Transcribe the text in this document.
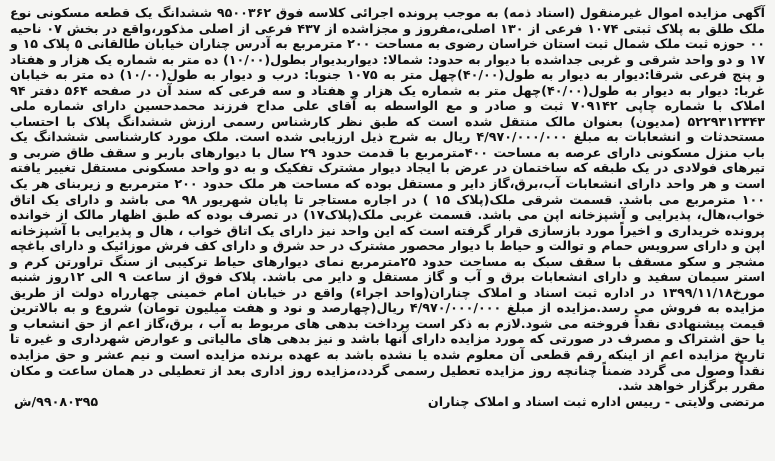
آگهی مزایده اموال غیرمنقول (اسناد ذمه) به موجب پرونده اجرائی کلاسه فوق ۹۵۰۰۳۶۲ ششدانگ یک قطعه مسکونی نوع ملک طلق به پلاک ثبتی ۱۰۷۴ فرعی از ۱۳۰ اصلی،مفروز و مجزاشده از ۴۳۷ فرعی از اصلی مذکور،واقع در بخش ۰۷ ناحیه ۰۰ حوزه ثبت ملک شمال ثبت استان خراسان رضوی به مساحت ۲۰۰ مترمربع به آدرس چناران خیابان طالقانی ۵ پلاک ۱۵ و ۱۷ و دو واحد شرقی و غربی جداشده با دیوار به حدود: شمالا: دیواربدیوار بطول(۱۰/۰۰) ده متر به شماره یک هزار و هفتاد و پنج فرعی شرقا:دیوار به دیوار به طول(۴۰/۰۰)چهل متر به ۱۰۷۵ جنوبا: درب و دیوار به طول(۱۰/۰۰) ده متر به خیابان غربا: دیوار به دیوار به طول(۴۰/۰۰)چهل متر به شماره یک هزار و هفتاد و سه فرعی که سند آن در صفحه ۵۶۴ دفتر ۹۴ املاک با شماره چاپی ۷۰۹۱۴۲ ثبت و صادر و مع الواسطه به آقای علی مداح فرزند محمدحسین دارای شماره ملی ۵۲۲۹۳۱۲۳۴۳ (مدیون) بعنوان مالک منتقل شده است که طبق نظر کارشناس رسمی ارزش ششدانگ پلاک با احتساب مستحدثات و انشعابات به مبلغ ۴/۹۷۰/۰۰۰/۰۰۰ ریال به شرح ذیل ارزیابی شده است. ملک مورد کارشناسی ششدانگ یک باب منزل مسکونی دارای عرصه به مساحت ۴۰۰مترمربع با قدمت حدود ۲۹ سال با دیوارهای باربر و سقف طاق ضربی و تیرهای فولادی در یک طبقه که ساختمان در عرض با ایجاد دیوار مشترک تفکیک و به دو واحد مسکونی مستقل تغییر یافته است و هر واحد دارای انشعابات آب،برق،گاز دایر و مستقل بوده که مساحت هر ملک حدود ۲۰۰ مترمربع و زیربنای هر یک ۱۰۰ مترمربع می باشد. قسمت شرقی ملک(پلاک ۱۵ ) در اجاره مستاجر تا پایان شهریور ۹۸ می باشد و دارای یک اتاق خواب،هال، پذیرایی و آشپزخانه اپن می باشد. قسمت غربی ملک(پلاک۱۷) در تصرف بوده که طبق اظهار مالک از خوانده پرونده خریداری و اخیراً مورد بازسازی قرار گرفته است که این واحد نیز دارای یک اتاق خواب ، هال و پذیرایی با آشپزخانه اپن و دارای سرویس حمام و توالت و حیاط با دیوار محصور مشترک در حد شرق و دارای کف فرش موزائیک و دارای باغچه مشجر و سکو مسقف با سقف سبک به مساحت حدود ۲۵مترمربع نمای دیوارهای حیاط ترکیبی از سنگ تراورتن کرم و استر سیمان سفید و دارای انشعابات برق و آب و گاز مستقل و دایر می باشد. پلاک فوق از ساعت ۹ الی ۱۲روز شنبه مورخ۱۳۹۹/۱۱/۱۸ در اداره ثبت اسناد و املاک چناران(واحد اجراء) واقع در خیابان امام خمینی چهارراه دولت از طریق مزایده به فروش می رسد.مزایده از مبلغ ۴/۹۷۰/۰۰۰/۰۰۰ ریال(چهارصد و نود و هفت میلیون تومان) شروع و به بالاترین قیمت پیشنهادی نقداً فروخته می شود.لازم به ذکر است پرداخت بدهی های مربوط به آب ، برق،گاز اعم از حق انشعاب و یا حق اشتراک و مصرف در صورتی که مورد مزایده دارای آنها باشد و نیز بدهی های مالیاتی و عوارض شهرداری و غیره تا تاریخ مزایده اعم از اینکه رقم قطعی آن معلوم شده یا نشده باشد به عهده برنده مزایده است و نیم عشر و حق مزایده نقداً وصول می گردد ضمناً چنانچه روز مزایده تعطیل رسمی گردد،مزایده روز اداری بعد از تعطیلی در همان ساعت و مکان مقرر برگزار خواهد شد.

مرتضی ولایتی - رییس اداره ثبت اسناد و املاک چناران
۹۹۰۸۰۳۹۵/ش
